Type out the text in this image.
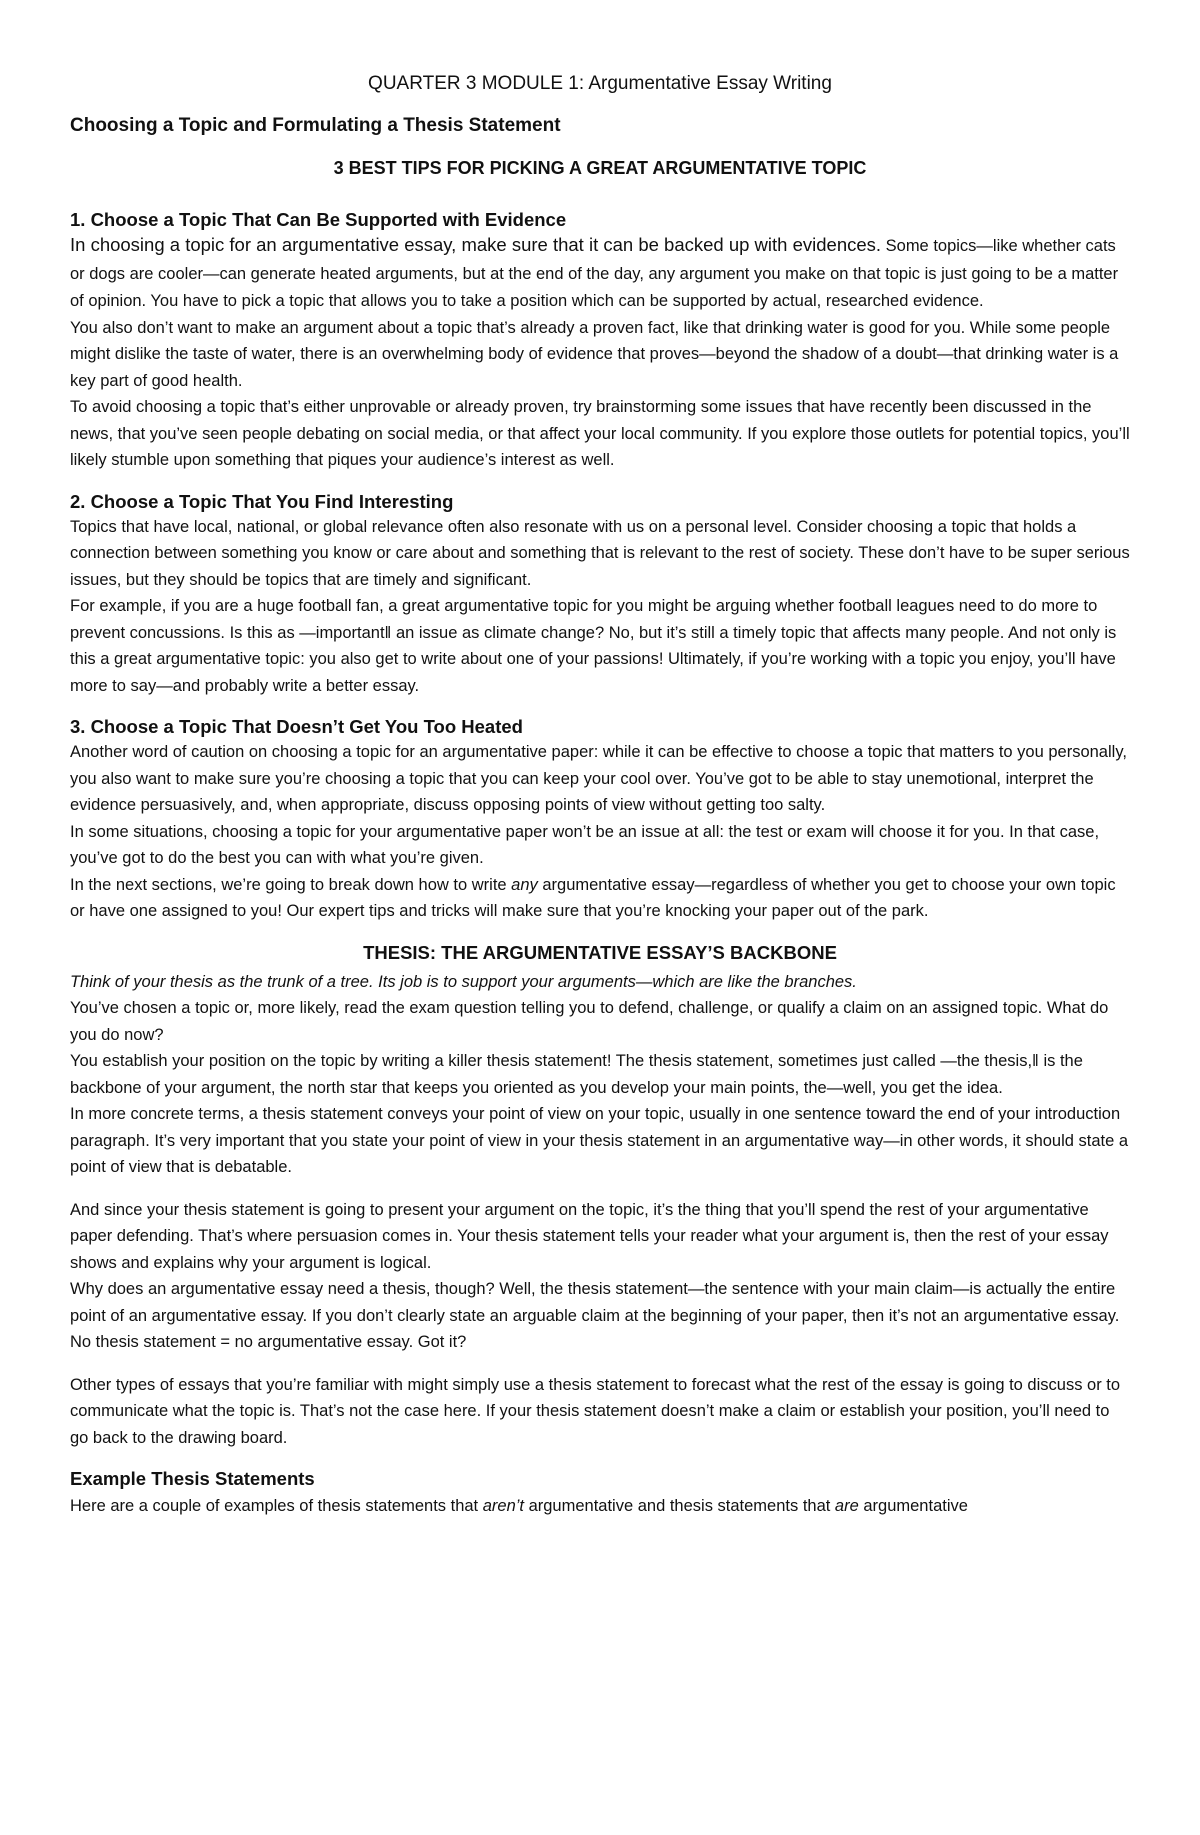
QUARTER 3 MODULE 1: Argumentative Essay Writing
Choosing a Topic and Formulating a Thesis Statement
3 BEST TIPS FOR PICKING A GREAT ARGUMENTATIVE TOPIC
1. Choose a Topic That Can Be Supported with Evidence

In choosing a topic for an argumentative essay, make sure that it can be backed up with evidences. Some topics—like whether cats or dogs are cooler—can generate heated arguments, but at the end of the day, any argument you make on that topic is just going to be a matter of opinion. You have to pick a topic that allows you to take a position which can be supported by actual, researched evidence.

You also don’t want to make an argument about a topic that’s already a proven fact, like that drinking water is good for you. While some people might dislike the taste of water, there is an overwhelming body of evidence that proves—beyond the shadow of a doubt—that drinking water is a key part of good health.

To avoid choosing a topic that’s either unprovable or already proven, try brainstorming some issues that have recently been discussed in the news, that you’ve seen people debating on social media, or that affect your local community. If you explore those outlets for potential topics, you’ll likely stumble upon something that piques your audience’s interest as well.

2. Choose a Topic That You Find Interesting

Topics that have local, national, or global relevance often also resonate with us on a personal level. Consider choosing a topic that holds a connection between something you know or care about and something that is relevant to the rest of society. These don’t have to be super serious issues, but they should be topics that are timely and significant.

For example, if you are a huge football fan, a great argumentative topic for you might be arguing whether football leagues need to do more to prevent concussions. Is this as ―important‖ an issue as climate change? No, but it’s still a timely topic that affects many people. And not only is this a great argumentative topic: you also get to write about one of your passions! Ultimately, if you’re working with a topic you enjoy, you’ll have more to say—and probably write a better essay.

3. Choose a Topic That Doesn’t Get You Too Heated

Another word of caution on choosing a topic for an argumentative paper: while it can be effective to choose a topic that matters to you personally, you also want to make sure you’re choosing a topic that you can keep your cool over. You’ve got to be able to stay unemotional, interpret the evidence persuasively, and, when appropriate, discuss opposing points of view without getting too salty.

In some situations, choosing a topic for your argumentative paper won’t be an issue at all: the test or exam will choose it for you. In that case, you’ve got to do the best you can with what you’re given.

In the next sections, we’re going to break down how to write any argumentative essay—regardless of whether you get to choose your own topic or have one assigned to you! Our expert tips and tricks will make sure that you’re knocking your paper out of the park.

THESIS: THE ARGUMENTATIVE ESSAY’S BACKBONE

Think of your thesis as the trunk of a tree. Its job is to support your arguments—which are like the branches.

You’ve chosen a topic or, more likely, read the exam question telling you to defend, challenge, or qualify a claim on an assigned topic. What do you do now?

You establish your position on the topic by writing a killer thesis statement! The thesis statement, sometimes just called ―the thesis,‖ is the backbone of your argument, the north star that keeps you oriented as you develop your main points, the—well, you get the idea.

In more concrete terms, a thesis statement conveys your point of view on your topic, usually in one sentence toward the end of your introduction paragraph. It’s very important that you state your point of view in your thesis statement in an argumentative way—in other words, it should state a point of view that is debatable.

And since your thesis statement is going to present your argument on the topic, it’s the thing that you’ll spend the rest of your argumentative paper defending. That’s where persuasion comes in. Your thesis statement tells your reader what your argument is, then the rest of your essay shows and explains why your argument is logical.

Why does an argumentative essay need a thesis, though? Well, the thesis statement—the sentence with your main claim—is actually the entire point of an argumentative essay. If you don’t clearly state an arguable claim at the beginning of your paper, then it’s not an argumentative essay. No thesis statement = no argumentative essay. Got it?

Other types of essays that you’re familiar with might simply use a thesis statement to forecast what the rest of the essay is going to discuss or to communicate what the topic is. That’s not the case here. If your thesis statement doesn’t make a claim or establish your position, you’ll need to go back to the drawing board.

Example Thesis Statements

Here are a couple of examples of thesis statements that aren’t argumentative and thesis statements that are argumentative
